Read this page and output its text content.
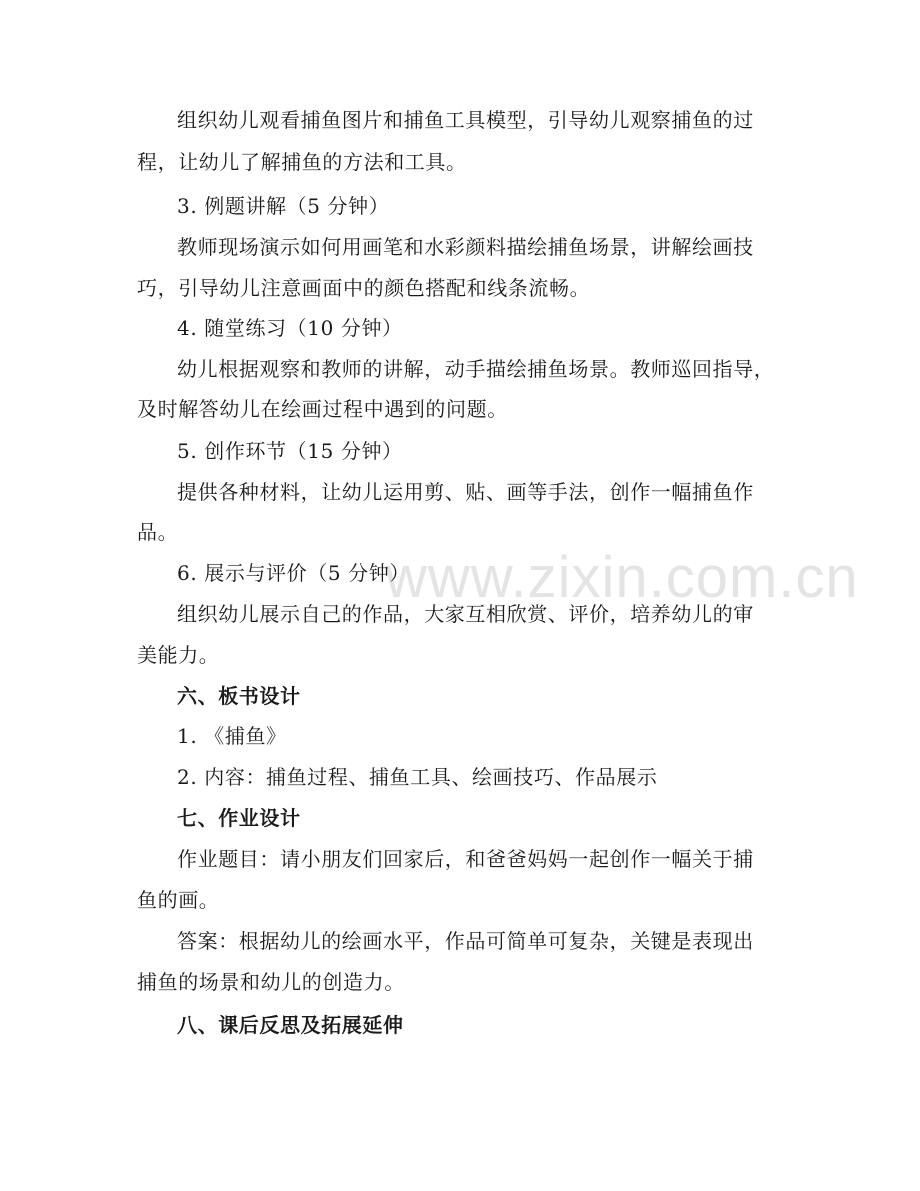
www.zixin.com.cn
组织幼儿观看捕鱼图片和捕鱼工具模型，引导幼儿观察捕鱼的过
程，让幼儿了解捕鱼的方法和工具。
3. 例题讲解（5 分钟）
教师现场演示如何用画笔和水彩颜料描绘捕鱼场景，讲解绘画技
巧，引导幼儿注意画面中的颜色搭配和线条流畅。
4. 随堂练习（10 分钟）
幼儿根据观察和教师的讲解，动手描绘捕鱼场景。教师巡回指导，
及时解答幼儿在绘画过程中遇到的问题。
5. 创作环节（15 分钟）
提供各种材料，让幼儿运用剪、贴、画等手法，创作一幅捕鱼作
品。
6. 展示与评价（5 分钟）
组织幼儿展示自己的作品，大家互相欣赏、评价，培养幼儿的审
美能力。
六、板书设计
1. 《捕鱼》
2. 内容：捕鱼过程、捕鱼工具、绘画技巧、作品展示
七、作业设计
作业题目：请小朋友们回家后，和爸爸妈妈一起创作一幅关于捕
鱼的画。
答案：根据幼儿的绘画水平，作品可简单可复杂，关键是表现出
捕鱼的场景和幼儿的创造力。
八、课后反思及拓展延伸
